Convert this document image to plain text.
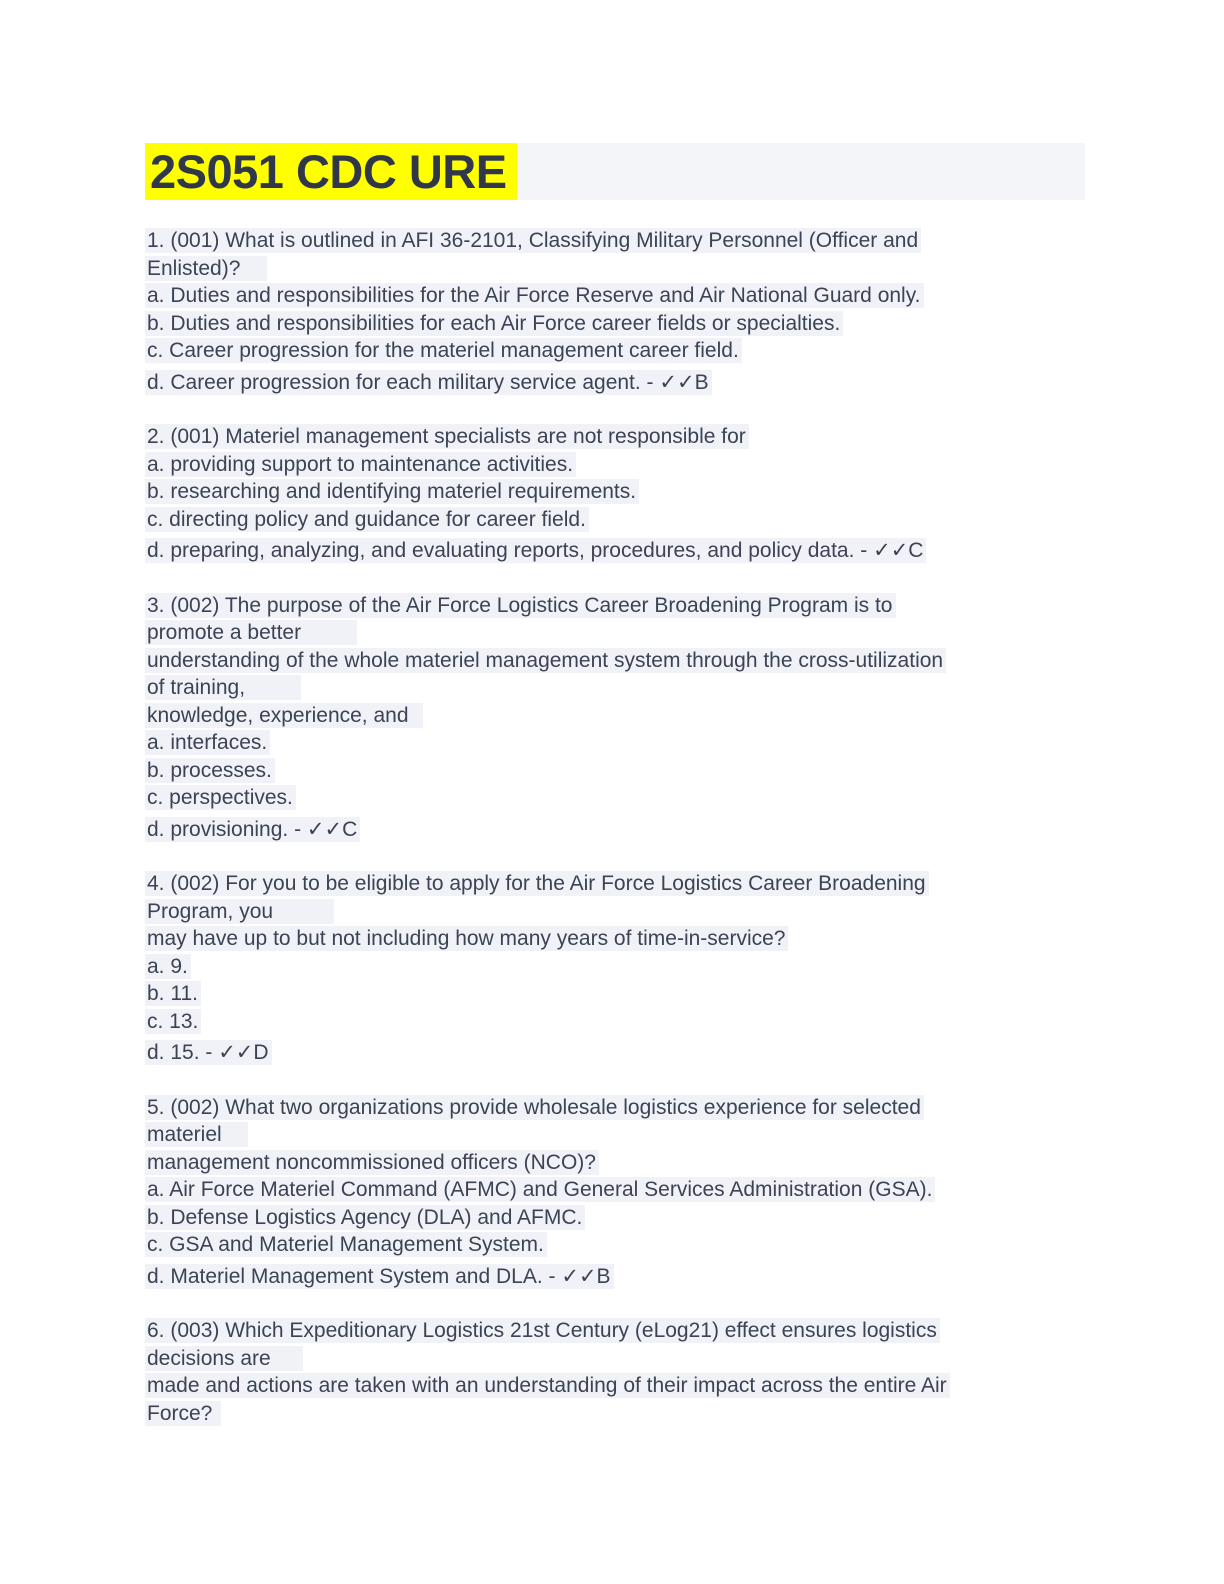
2S051 CDC URE
1. (001) What is outlined in AFI 36-2101, Classifying Military Personnel (Officer and
Enlisted)?
a. Duties and responsibilities for the Air Force Reserve and Air National Guard only.
b. Duties and responsibilities for each Air Force career fields or specialties.
c. Career progression for the materiel management career field.
d. Career progression for each military service agent. - ✓✓B
2. (001) Materiel management specialists are not responsible for
a. providing support to maintenance activities.
b. researching and identifying materiel requirements.
c. directing policy and guidance for career field.
d. preparing, analyzing, and evaluating reports, procedures, and policy data. - ✓✓C
3. (002) The purpose of the Air Force Logistics Career Broadening Program is to
promote a better
understanding of the whole materiel management system through the cross-utilization
of training,
knowledge, experience, and
a. interfaces.
b. processes.
c. perspectives.
d. provisioning. - ✓✓C
4. (002) For you to be eligible to apply for the Air Force Logistics Career Broadening
Program, you
may have up to but not including how many years of time-in-service?
a. 9.
b. 11.
c. 13.
d. 15. - ✓✓D
5. (002) What two organizations provide wholesale logistics experience for selected
materiel
management noncommissioned officers (NCO)?
a. Air Force Materiel Command (AFMC) and General Services Administration (GSA).
b. Defense Logistics Agency (DLA) and AFMC.
c. GSA and Materiel Management System.
d. Materiel Management System and DLA. - ✓✓B
6. (003) Which Expeditionary Logistics 21st Century (eLog21) effect ensures logistics
decisions are
made and actions are taken with an understanding of their impact across the entire Air
Force?
